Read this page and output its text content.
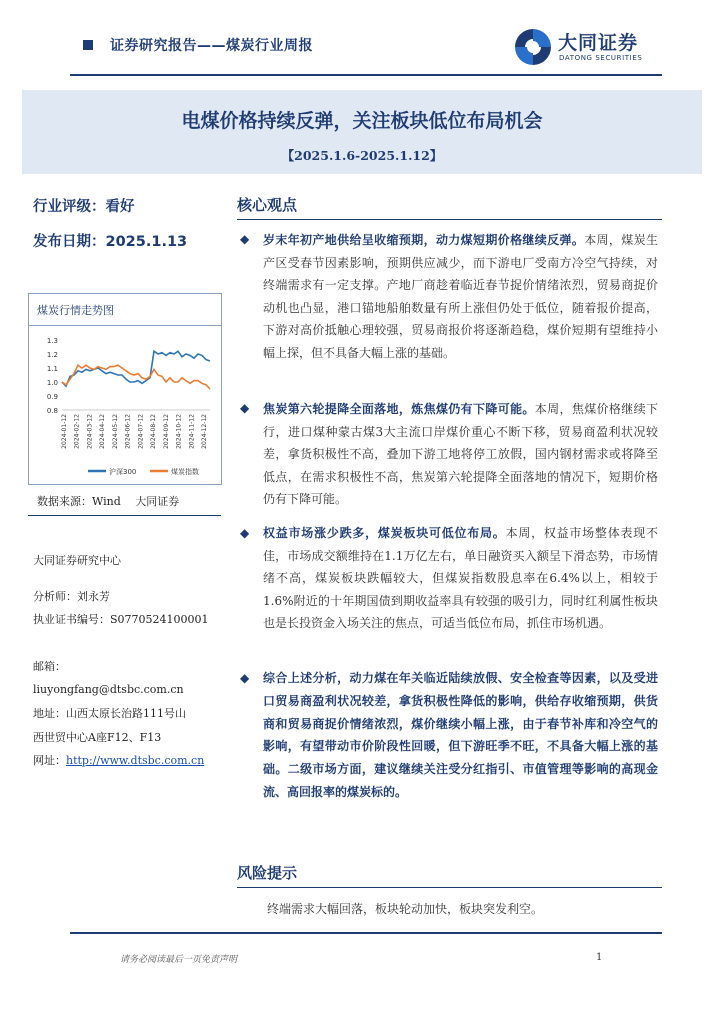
证券研究报告——煤炭行业周报	大同证券
DATONG SECURITIES
电煤价格持续反弹，关注板块低位布局机会
【2025.1.6-2025.1.12】
行业评级：看好
发布日期：2025.1.13
煤炭行情走势图
1.3
1.2
1.1
1.0
0.9
0.8
2024-01-12 2024-02-12 2024-03-12 2024-04-12 2024-05-12 2024-06-12 2024-07-12 2024-08-12 2024-09-12 2024-10-12 2024-11-12 2024-12-12
沪深300	煤炭指数
数据来源：Wind　 大同证券
大同证券研究中心
分析师：刘永芳
执业证书编号：S0770524100001
邮箱：
liuyongfang@dtsbc.com.cn
地址：山西太原长治路111号山
西世贸中心A座F12、F13
网址：http://www.dtsbc.com.cn
核心观点
◆ 岁末年初产地供给呈收缩预期，动力煤短期价格继续反弹。本周，煤炭生产区受春节因素影响，预期供应减少，而下游电厂受南方冷空气持续，对终端需求有一定支撑。产地厂商趁着临近春节捉价情绪浓烈，贸易商捉价动机也凸显，港口锚地船舶数量有所上涨但仍处于低位，随着报价提高，下游对高价抵触心理较强，贸易商报价将逐渐趋稳，煤价短期有望维持小幅上探，但不具备大幅上涨的基础。
◆ 焦炭第六轮提降全面落地，炼焦煤仍有下降可能。本周，焦煤价格继续下行，进口煤种蒙古煤3大主流口岸煤价重心不断下移，贸易商盈利状况较差，拿货积极性不高，叠加下游工地将停工放假，国内钢材需求或将降至低点，在需求积极性不高，焦炭第六轮提降全面落地的情况下，短期价格仍有下降可能。
◆ 权益市场涨少跌多，煤炭板块可低位布局。本周，权益市场整体表现不佳，市场成交额维持在1.1万亿左右，单日融资买入额呈下滑态势，市场情绪不高，煤炭板块跌幅较大，但煤炭指数股息率在6.4%以上，相较于1.6%附近的十年期国债到期收益率具有较强的吸引力，同时红利属性板块也是长投资金入场关注的焦点，可适当低位布局，抓住市场机遇。
◆ 综合上述分析，动力煤在年关临近陆续放假、安全检查等因素，以及受进口贸易商盈利状况较差，拿货积极性降低的影响，供给存收缩预期，供货商和贸易商捉价情绪浓烈，煤价继续小幅上涨，由于春节补库和冷空气的影响，有望带动市价阶段性回暖，但下游旺季不旺，不具备大幅上涨的基础。二级市场方面，建议继续关注受分红指引、市值管理等影响的高现金流、高回报率的煤炭标的。
风险提示
终端需求大幅回落，板块轮动加快，板块突发利空。
请务必阅读最后一页免责声明	1
